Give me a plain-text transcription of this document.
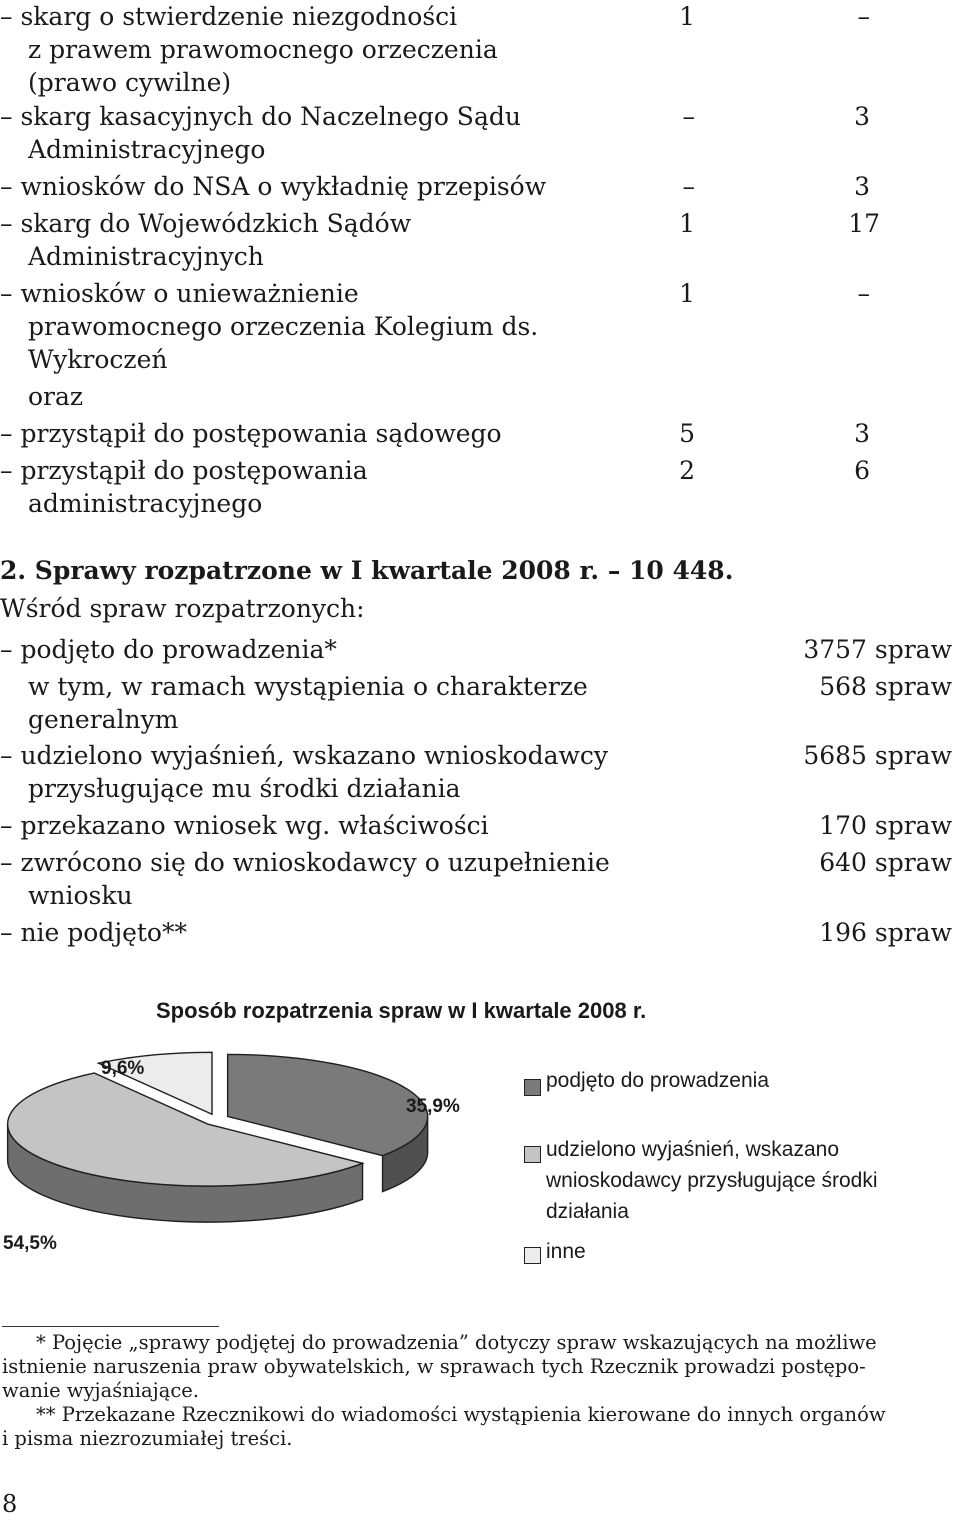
– skarg o stwierdzenie niezgodności
z prawem prawomocnego orzeczenia
(prawo cywilne)
1	–
– skarg kasacyjnych do Naczelnego Sądu
Administracyjnego
–	3
– wniosków do NSA o wykładnię przepisów	–	3
– skarg do Wojewódzkich Sądów
Administracyjnych
1	17
– wniosków o unieważnienie
prawomocnego orzeczenia Kolegium ds.
Wykroczeń
1	–
oraz
– przystąpił do postępowania sądowego	5	3
– przystąpił do postępowania
administracyjnego
2	6
2. Sprawy rozpatrzone w I kwartale 2008 r. – 10 448.
Wśród spraw rozpatrzonych:
– podjęto do prowadzenia*	3757 spraw
w tym, w ramach wystąpienia o charakterze
generalnym
568 spraw
– udzielono wyjaśnień, wskazano wnioskodawcy
przysługujące mu środki działania
5685 spraw
– przekazano wniosek wg. właściwości	170 spraw
– zwrócono się do wnioskodawcy o uzupełnienie
wniosku
640 spraw
– nie podjęto**	196 spraw
Sposób rozpatrzenia spraw w I kwartale 2008 r.
9,6%
35,9%
54,5%
podjęto do prowadzenia
udzielono wyjaśnień, wskazano
wnioskodawcy przysługujące środki
działania
inne
* Pojęcie „sprawy podjętej do prowadzenia” dotyczy spraw wskazujących na możliwe
istnienie naruszenia praw obywatelskich, w sprawach tych Rzecznik prowadzi postępo-
wanie wyjaśniające.
** Przekazane Rzecznikowi do wiadomości wystąpienia kierowane do innych organów
i pisma niezrozumiałej treści.
8
